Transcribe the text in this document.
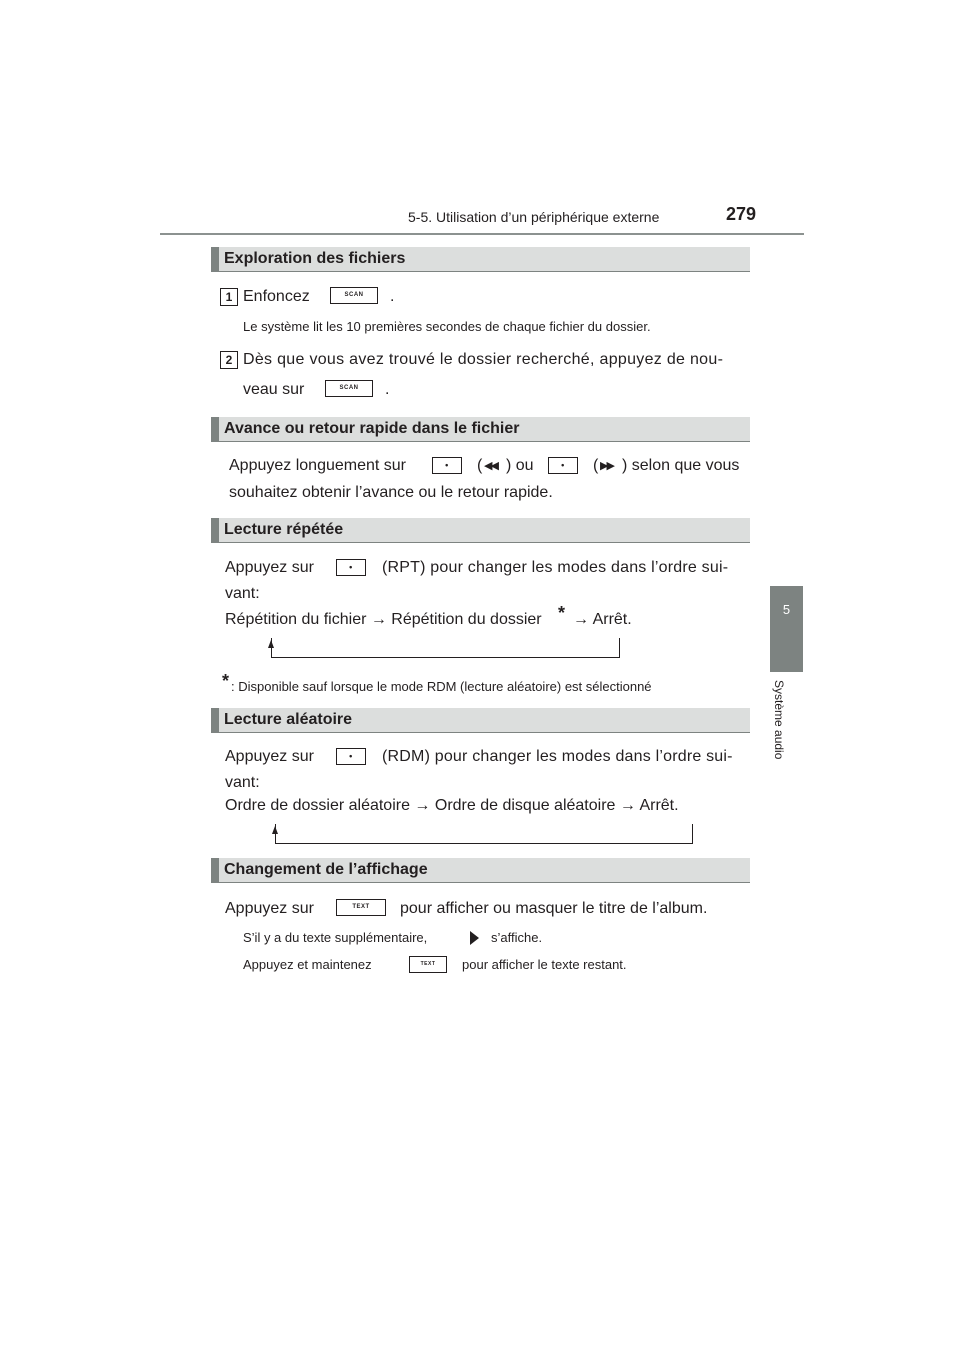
5-5. Utilisation d’un périphérique externe	279
5
Système audio
Exploration des fichiers
1 Enfoncez	SCAN	.
Le système lit les 10 premières secondes de chaque fichier du dossier.
2 Dès que vous avez trouvé le dossier recherché, appuyez de nou-
veau sur	SCAN	.
Avance ou retour rapide dans le fichier
Appuyez longuement sur •	( ◀◀ ) ou •	( ▶▶ ) selon que vous
souhaitez obtenir l’avance ou le retour rapide.
Lecture répétée
Appuyez sur •	(RPT) pour changer les modes dans l’ordre sui-
vant:
Répétition du fichier → Répétition du dossier * → Arrêt.
* : Disponible sauf lorsque le mode RDM (lecture aléatoire) est sélectionné
Lecture aléatoire
Appuyez sur •	(RDM) pour changer les modes dans l’ordre sui-
vant:
Ordre de dossier aléatoire → Ordre de disque aléatoire → Arrêt.
Changement de l’affichage
Appuyez sur	TEXT	pour afficher ou masquer le titre de l’album.
S’il y a du texte supplémentaire,	s’affiche.
Appuyez et maintenez	TEXT	pour afficher le texte restant.
